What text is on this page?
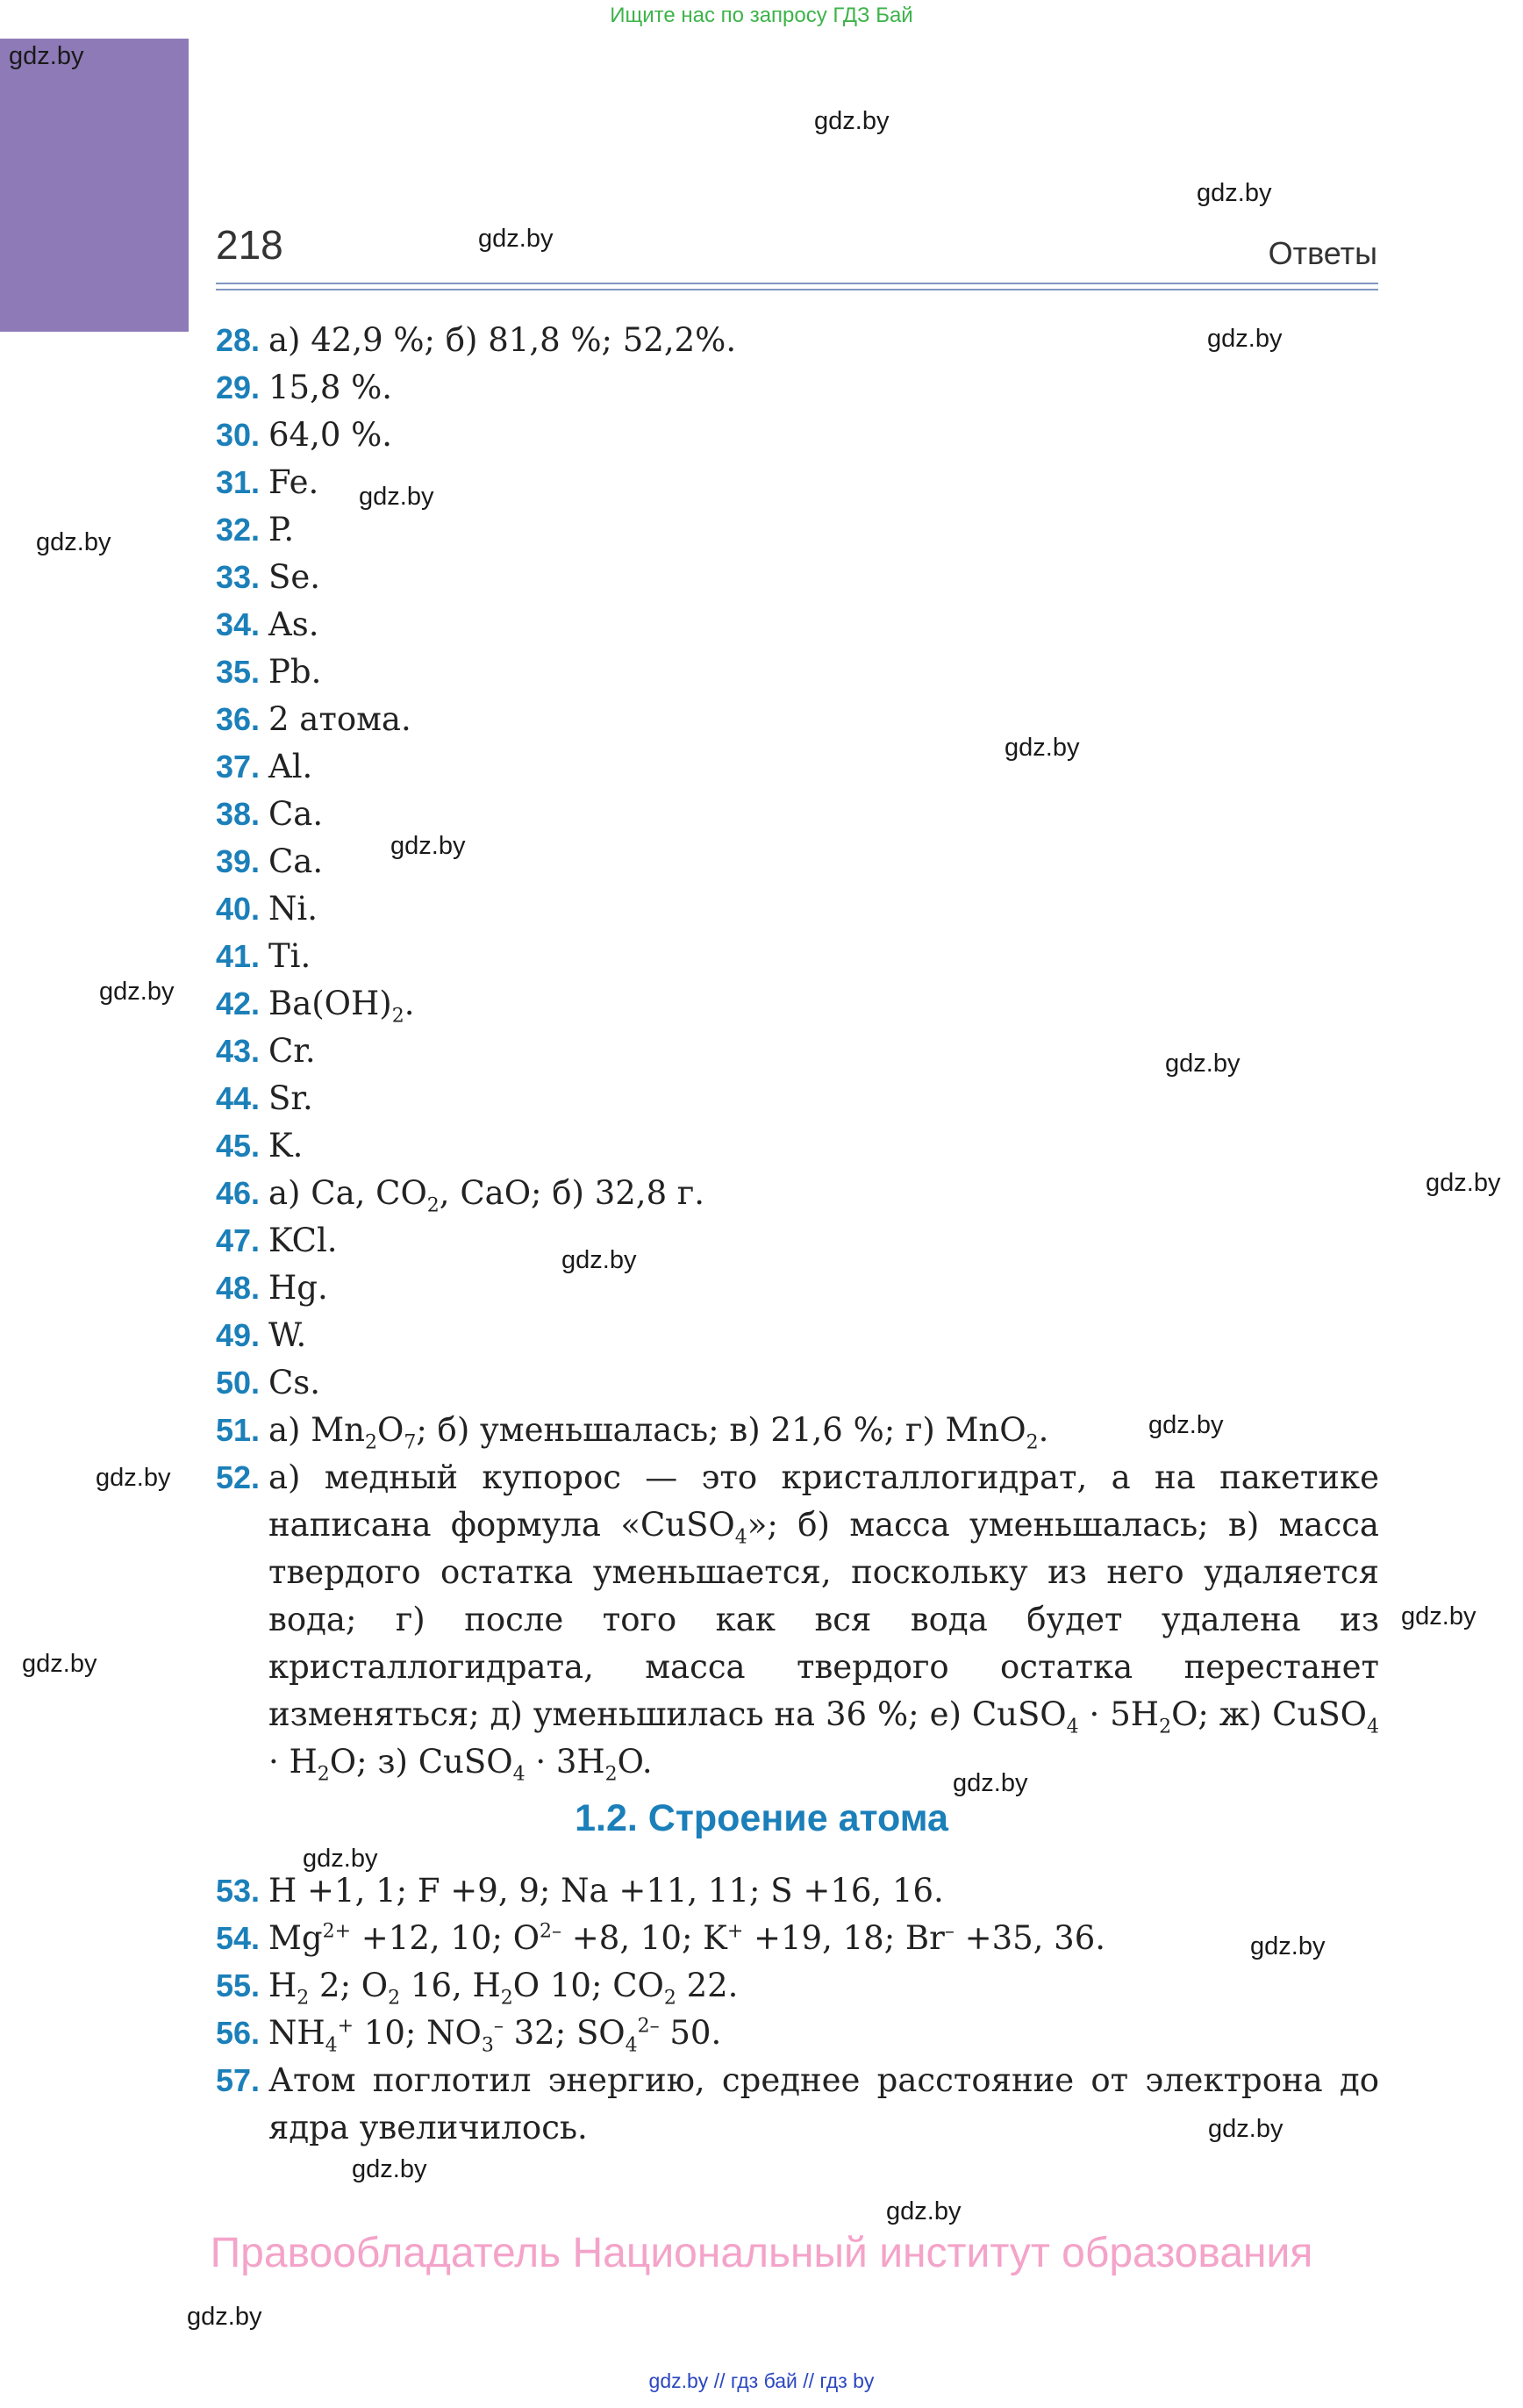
Ищите нас по запросу ГДЗ Бай
gdz.by
gdz.by
gdz.by
gdz.by
gdz.by
gdz.by
gdz.by
gdz.by
gdz.by
gdz.by
gdz.by
gdz.by
gdz.by
gdz.by
gdz.by
gdz.by
gdz.by
gdz.by
gdz.by
gdz.by
gdz.by
gdz.by
gdz.by
gdz.by
218	Ответы
28. а) 42,9 %; б) 81,8 %; 52,2%.
29. 15,8 %.
30. 64,0 %.
31. Fe.
32. P.
33. Se.
34. As.
35. Pb.
36. 2 атома.
37. Al.
38. Ca.
39. Ca.
40. Ni.
41. Ti.
42. $Ba(OH)_2$.
43. Cr.
44. Sr.
45. K.
46. а) Ca, $CO_2$, CaO; б) 32,8 г.
47. KCl.
48. Hg.
49. W.
50. Cs.
51. а) $Mn_2O_7$; б) уменьшалась; в) 21,6 %; г) MnO$_2$.
52. а) медный купорос — это кристаллогидрат, а на пакетике написана формула «CuSO$_4$»; б) масса уменьшалась; в) масса твердого остатка уменьшается, поскольку из него удаляется вода; г) после того как вся вода будет удалена из кристаллогидрата, масса твердого остатка перестанет изменяться; д) уменьшилась на 36 %; е) CuSO$_4$ · $5H_2O$; ж) CuSO$_4$ · $H_2O$; з) CuSO$_4$ · $3H_2O$.
1.2. Строение атома
53. H +1, 1; F +9, 9; Na +11, 11; S +16, 16.
54. $Mg^{2+} +12$, 10; $O^{2-} +8$, 10; K+ +19, 18; Br– +35, 36.
55. $H_2$ 2; $O_2$ 16, $H_2O$ 10; $CO_2$ 22.
56. $NH_4^+$ 10; $NO_3^-$ 32; $SO_4^{2-}$ 50.
57. Атом поглотил энергию, среднее расстояние от электрона до ядра увеличилось.
Правообладатель Национальный институт образования
gdz.by // гдз бай // гдз by
